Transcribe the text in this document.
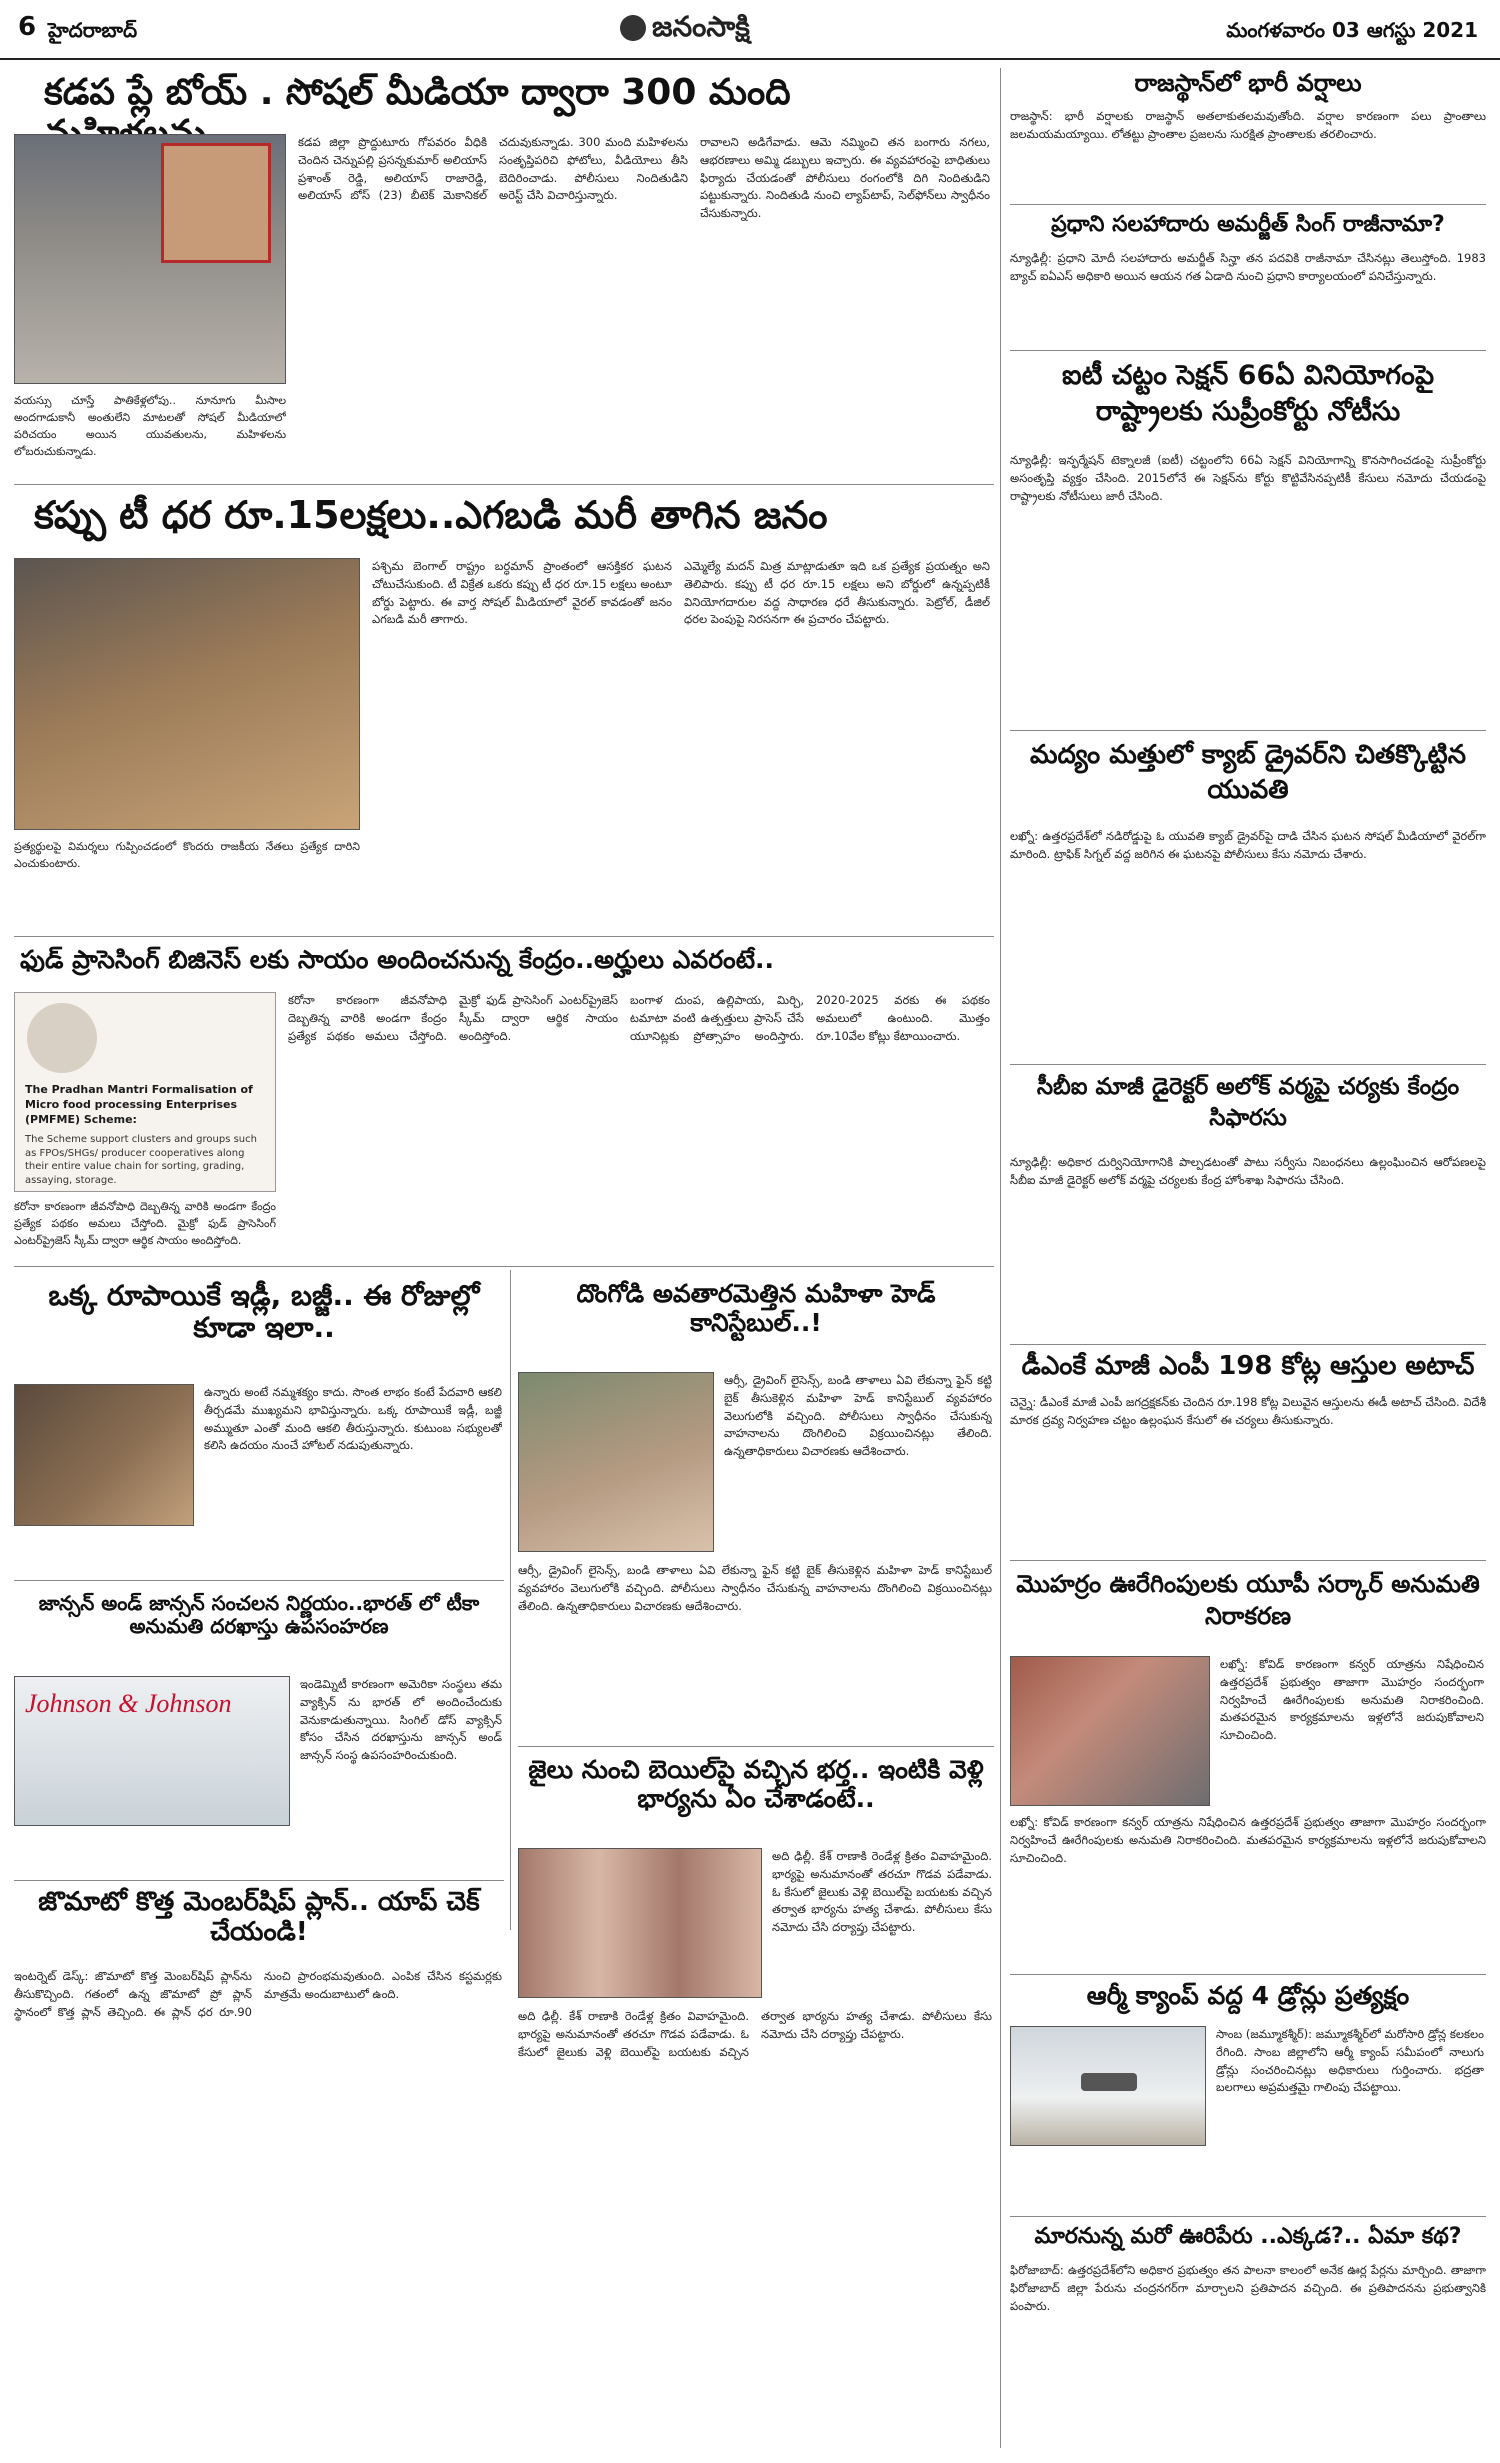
6 హైదరాబాద్	జనంసాక్షి	మంగళవారం 03 ఆగస్టు 2021
కడప ప్లే బోయ్ . సోషల్ మీడియా ద్వారా 300 మంది
వయస్సు చూస్తే పాతికేళ్లలోపు.. నూనూగు మీసాల అందగాడుకానీ అంతులేని మాటలతో సోషల్ మీడియాలో పరిచయం అయిన యువతులను, మహిళలను లోబరుచుకున్నాడు.
కడప జిల్లా ప్రొద్దుటూరు గోపవరం వీధికి చెందిన చెన్నుపల్లి ప్రసన్నకుమార్ అలియాస్ ప్రశాంత్ రెడ్డి, అలియాస్ రాజారెడ్డి, అలియాస్ బోస్ (23) బీటెక్ మెకానికల్ చదువుకున్నాడు. 300 మంది మహిళలను సంతృప్తిపరిచి ఫోటోలు, వీడియోలు తీసి బెదిరించాడు. పోలీసులు నిందితుడిని అరెస్ట్ చేసి విచారిస్తున్నారు.
రావాలని అడిగేవాడు. ఆమె నమ్మించి తన బంగారు నగలు, ఆభరణాలు అమ్మి డబ్బులు ఇచ్చారు. ఈ వ్యవహారంపై బాధితులు ఫిర్యాదు చేయడంతో పోలీసులు రంగంలోకి దిగి నిందితుడిని పట్టుకున్నారు. నిందితుడి నుంచి ల్యాప్‌టాప్, సెల్‌ఫోన్‌లు స్వాధీనం చేసుకున్నారు.
కప్పు టీ ధర రూ.15లక్షలు..ఎగబడి మరీ తాగిన జనం
ప్రత్యర్థులపై విమర్శలు గుప్పించడంలో కొందరు రాజకీయ నేతలు ప్రత్యేక దారిని ఎంచుకుంటారు.
పశ్చిమ బెంగాల్ రాష్ట్రం బర్ధమాన్ ప్రాంతంలో ఆసక్తికర ఘటన చోటుచేసుకుంది. టీ విక్రేత ఒకరు కప్పు టీ ధర రూ.15 లక్షలు అంటూ బోర్డు పెట్టారు. ఈ వార్త సోషల్ మీడియాలో వైరల్ కావడంతో జనం ఎగబడి మరీ తాగారు.
ఎమ్మెల్యే మదన్ మిత్ర మాట్లాడుతూ ఇది ఒక ప్రత్యేక ప్రయత్నం అని తెలిపారు. కప్పు టీ ధర రూ.15 లక్షలు అని బోర్డులో ఉన్నప్పటికీ వినియోగదారుల వద్ద సాధారణ ధరే తీసుకున్నారు. పెట్రోల్, డీజిల్ ధరల పెంపుపై నిరసనగా ఈ ప్రచారం చేపట్టారు.
ఫుడ్ ప్రాసెసింగ్ బిజినెస్ లకు సాయం అందించనున్న కేంద్రం..అర్హులు ఎవరంటే..
The Pradhan Mantri Formalisation of Micro food processing Enterprises (PMFME) Scheme:
The Scheme support clusters and groups such as FPOs/SHGs/ producer cooperatives along their entire value chain for sorting, grading, assaying, storage.
కరోనా కారణంగా జీవనోపాధి దెబ్బతిన్న వారికి అండగా కేంద్రం ప్రత్యేక పథకం అమలు చేస్తోంది. మైక్రో ఫుడ్ ప్రాసెసింగ్ ఎంటర్‌ప్రైజెస్ స్కీమ్ ద్వారా ఆర్థిక సాయం అందిస్తోంది.
కరోనా కారణంగా జీవనోపాధి దెబ్బతిన్న వారికి అండగా కేంద్రం ప్రత్యేక పథకం అమలు చేస్తోంది. మైక్రో ఫుడ్ ప్రాసెసింగ్ ఎంటర్‌ప్రైజెస్ స్కీమ్ ద్వారా ఆర్థిక సాయం అందిస్తోంది.
బంగాళ దుంప, ఉల్లిపాయ, మిర్చి, టమాటా వంటి ఉత్పత్తులు ప్రాసెస్ చేసే యూనిట్లకు ప్రోత్సాహం అందిస్తారు. 2020-2025 వరకు ఈ పథకం అమలులో ఉంటుంది. మొత్తం రూ.10వేల కోట్లు కేటాయించారు.
ఒక్క రూపాయికే ఇడ్లీ, బజ్జీ.. ఈ రోజుల్లో కూడా ఇలా..
ఉన్నారు అంటే నమ్మశక్యం కాదు. సొంత లాభం కంటే పేదవారి ఆకలి తీర్చడమే ముఖ్యమని భావిస్తున్నారు. ఒక్క రూపాయికే ఇడ్లీ, బజ్జీ అమ్ముతూ ఎంతో మంది ఆకలి తీరుస్తున్నారు. కుటుంబ సభ్యులతో కలిసి ఉదయం నుంచే హోటల్ నడుపుతున్నారు.
జాన్సన్ అండ్ జాన్సన్ సంచలన నిర్ణయం..భారత్ లో టీకా అనుమతి దరఖాస్తు ఉపసంహరణ
Johnson & Johnson
ఇండెమ్నిటీ కారణంగా అమెరికా సంస్థలు తమ వ్యాక్సిన్ ను భారత్ లో అందించేందుకు వెనుకాడుతున్నాయి. సింగిల్ డోస్ వ్యాక్సిన్ కోసం చేసిన దరఖాస్తును జాన్సన్ అండ్ జాన్సన్ సంస్థ ఉపసంహరించుకుంది.
జొమాటో కొత్త మెంబర్‌షిప్ ప్లాన్.. యాప్ చెక్ చేయండి!
ఇంటర్నెట్ డెస్క్: జొమాటో కొత్త మెంబర్‌షిప్ ప్లాన్‌ను తీసుకొచ్చింది. గతంలో ఉన్న జొమాటో ప్రో ప్లాన్ స్థానంలో కొత్త ప్లాన్ తెచ్చింది. ఈ ప్లాన్ ధర రూ.90 నుంచి ప్రారంభమవుతుంది. ఎంపిక చేసిన కస్టమర్లకు మాత్రమే అందుబాటులో ఉంది.
దొంగోడి అవతారమెత్తిన మహిళా హెడ్ కానిస్టేబుల్..!
ఆర్సీ, డ్రైవింగ్ లైసెన్స్, బండి తాళాలు ఏవి లేకున్నా ఫైన్ కట్టి బైక్ తీసుకెళ్లిన మహిళా హెడ్ కానిస్టేబుల్ వ్యవహారం వెలుగులోకి వచ్చింది. పోలీసులు స్వాధీనం చేసుకున్న వాహనాలను దొంగిలించి విక్రయించినట్లు తేలింది. ఉన్నతాధికారులు విచారణకు ఆదేశించారు.
ఆర్సీ, డ్రైవింగ్ లైసెన్స్, బండి తాళాలు ఏవి లేకున్నా ఫైన్ కట్టి బైక్ తీసుకెళ్లిన మహిళా హెడ్ కానిస్టేబుల్ వ్యవహారం వెలుగులోకి వచ్చింది. పోలీసులు స్వాధీనం చేసుకున్న వాహనాలను దొంగిలించి విక్రయించినట్లు తేలింది. ఉన్నతాధికారులు విచారణకు ఆదేశించారు.
జైలు నుంచి బెయిల్‌పై వచ్చిన భర్త.. ఇంటికి వెళ్లి భార్యను ఏం చేశాడంటే..
అది ఢిల్లీ. కేశ్ రాణాకి రెండేళ్ల క్రితం వివాహమైంది. భార్యపై అనుమానంతో తరచూ గొడవ పడేవాడు. ఓ కేసులో జైలుకు వెళ్లి బెయిల్‌పై బయటకు వచ్చిన తర్వాత భార్యను హత్య చేశాడు. పోలీసులు కేసు నమోదు చేసి దర్యాప్తు చేపట్టారు.
అది ఢిల్లీ. కేశ్ రాణాకి రెండేళ్ల క్రితం వివాహమైంది. భార్యపై అనుమానంతో తరచూ గొడవ పడేవాడు. ఓ కేసులో జైలుకు వెళ్లి బెయిల్‌పై బయటకు వచ్చిన తర్వాత భార్యను హత్య చేశాడు. పోలీసులు కేసు నమోదు చేసి దర్యాప్తు చేపట్టారు.
రాజస్థాన్‌లో భారీ వర్షాలు
రాజస్థాన్: భారీ వర్షాలకు రాజస్థాన్ అతలాకుతలమవుతోంది. వర్షాల కారణంగా పలు ప్రాంతాలు జలమయమయ్యాయి. లోతట్టు ప్రాంతాల ప్రజలను సురక్షిత ప్రాంతాలకు తరలించారు.
ప్రధాని సలహాదారు అమర్జీత్ సింగ్ రాజీనామా?
న్యూఢిల్లీ: ప్రధాని మోదీ సలహాదారు అమర్జీత్ సిన్హా తన పదవికి రాజీనామా చేసినట్లు తెలుస్తోంది. 1983 బ్యాచ్ ఐఏఎస్ అధికారి అయిన ఆయన గత ఏడాది నుంచి ప్రధాని కార్యాలయంలో పనిచేస్తున్నారు.
ఐటీ చట్టం సెక్షన్ 66ఏ వినియోగంపై రాష్ట్రాలకు సుప్రీంకోర్టు నోటీసు
న్యూఢిల్లీ: ఇన్ఫర్మేషన్ టెక్నాలజీ (ఐటీ) చట్టంలోని 66ఏ సెక్షన్ వినియోగాన్ని కొనసాగించడంపై సుప్రీంకోర్టు అసంతృప్తి వ్యక్తం చేసింది. 2015లోనే ఈ సెక్షన్‌ను కోర్టు కొట్టివేసినప్పటికీ కేసులు నమోదు చేయడంపై రాష్ట్రాలకు నోటీసులు జారీ చేసింది.
మద్యం మత్తులో క్యాబ్ డ్రైవర్‌ని చితక్కొట్టిన యువతి
లఖ్నో: ఉత్తరప్రదేశ్‌లో నడిరోడ్డుపై ఓ యువతి క్యాబ్ డ్రైవర్‌పై దాడి చేసిన ఘటన సోషల్ మీడియాలో వైరల్‌గా మారింది. ట్రాఫిక్ సిగ్నల్ వద్ద జరిగిన ఈ ఘటనపై పోలీసులు కేసు నమోదు చేశారు.
సీబీఐ మాజీ డైరెక్టర్ అలోక్ వర్మపై చర్యకు కేంద్రం సిఫారసు
న్యూఢిల్లీ: అధికార దుర్వినియోగానికి పాల్పడటంతో పాటు సర్వీసు నిబంధనలు ఉల్లంఘించిన ఆరోపణలపై సీబీఐ మాజీ డైరెక్టర్ అలోక్ వర్మపై చర్యలకు కేంద్ర హోంశాఖ సిఫారసు చేసింది.
డీఎంకే మాజీ ఎంపీ 198 కోట్ల ఆస్తుల అటాచ్
చెన్నై: డీఎంకే మాజీ ఎంపీ జగద్రక్షకన్‌కు చెందిన రూ.198 కోట్ల విలువైన ఆస్తులను ఈడీ అటాచ్ చేసింది. విదేశీ మారక ద్రవ్య నిర్వహణ చట్టం ఉల్లంఘన కేసులో ఈ చర్యలు తీసుకున్నారు.
మొహర్రం ఊరేగింపులకు యూపీ సర్కార్ అనుమతి నిరాకరణ
లఖ్నో: కోవిడ్ కారణంగా కన్వర్ యాత్రను నిషేధించిన ఉత్తరప్రదేశ్ ప్రభుత్వం తాజాగా మొహర్రం సందర్భంగా నిర్వహించే ఊరేగింపులకు అనుమతి నిరాకరించింది. మతపరమైన కార్యక్రమాలను ఇళ్లలోనే జరుపుకోవాలని సూచించింది.
లఖ్నో: కోవిడ్ కారణంగా కన్వర్ యాత్రను నిషేధించిన ఉత్తరప్రదేశ్ ప్రభుత్వం తాజాగా మొహర్రం సందర్భంగా నిర్వహించే ఊరేగింపులకు అనుమతి నిరాకరించింది. మతపరమైన కార్యక్రమాలను ఇళ్లలోనే జరుపుకోవాలని సూచించింది.
ఆర్మీ క్యాంప్ వద్ద 4 డ్రోన్లు ప్రత్యక్షం
సాంబ (జమ్మూకశ్మీర్): జమ్మూకశ్మీర్‌లో మరోసారి డ్రోన్ల కలకలం రేగింది. సాంబ జిల్లాలోని ఆర్మీ క్యాంప్ సమీపంలో నాలుగు డ్రోన్లు సంచరించినట్లు అధికారులు గుర్తించారు. భద్రతా బలగాలు అప్రమత్తమై గాలింపు చేపట్టాయి.
మారనున్న మరో ఊరిపేరు ..ఎక్కడ?.. ఏమా కథ?
ఫిరోజాబాద్: ఉత్తరప్రదేశ్‌లోని అధికార ప్రభుత్వం తన పాలనా కాలంలో అనేక ఊర్ల పేర్లను మార్చింది. తాజాగా ఫిరోజాబాద్ జిల్లా పేరును చంద్రనగర్‌గా మార్చాలని ప్రతిపాదన వచ్చింది. ఈ ప్రతిపాదనను ప్రభుత్వానికి పంపారు.
